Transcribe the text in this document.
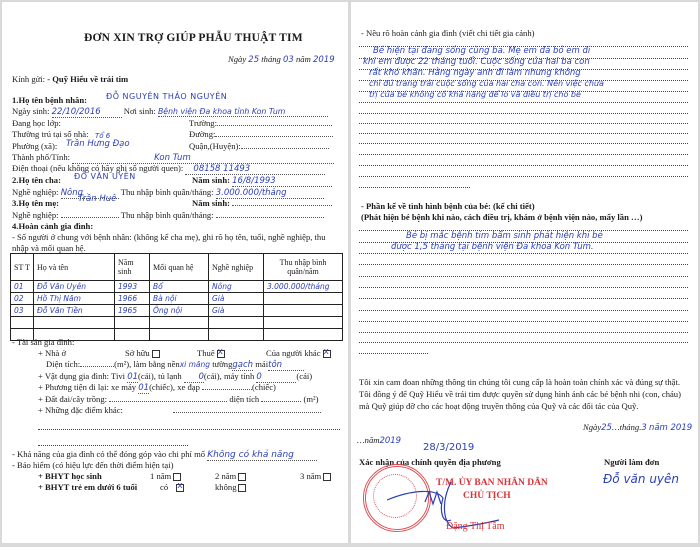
ĐƠN XIN TRỢ GIÚP PHẪU THUẬT TIM
Ngày 25 tháng 03 năm 2019
Kính gửi: - Quỹ Hiểu về trái tim
1.Họ tên bệnh nhân: ĐỖ NGUYÊN THẢO NGUYÊN
Ngày sinh: 22/10/2016	Nơi sinh: Bệnh viện Đa khoa tỉnh Kon Tum
Đang học lớp:	Trường:
Thường trú tại số nhà:	Đường:
Phường (xã): Trần Hưng Đạo
Tổ 6
Quận,(Huyện):
Thành phố/Tỉnh:	Kon Tum
Điện thoại (nếu không có hãy ghi số người quen): 08158 11493
2.Họ tên cha: ĐỖ VĂN UYÊN	Năm sinh: 16/8/1993
Nghề nghiệp: Nông	Thu nhập bình quân/tháng: 3.000.000/tháng
3.Họ tên mẹ: Trần Huê	Năm sinh:
Nghề nghiệp:	Thu nhập bình quân/tháng:
4.Hoàn cảnh gia đình:
- Số người ở chung với bệnh nhân: (không kể cha mẹ), ghi rõ họ tên, tuổi, nghề nghiệp, thu
nhập và mối quan hệ.
ST T	Họ và tên	Năm sinh	Mối quan hệ	Nghề nghiệp	Thu nhập bình quân/năm
01	Đỗ Văn Uyên	1993	Bố	Nông	3.000.000/tháng
02	Hồ Thị Năm	1966	Bà nội	Già	
03	Đỗ Văn Tiền	1965	Ông nội	Già	

- Tài sản gia đình:
+ Nhà ở	Sở hữu	Thuê x	Của người khácx
Diện tích:	(m²), làm bằng nềnxi măng tườnggạch máitôn
+ Vật dụng gia đình: Tivi 01(cái), tủ lạnh 0(cái), máy tính 0	(cái)
+ Phương tiện đi lại: xe máy 01(chiếc), xe đạp	(chiếc)
+ Đất đai/cây trồng:	diện tích	(m²)
+ Những đặc điểm khác:
- Khả năng của gia đình có thể đóng góp vào chi phí mổ Không có khả năng
- Bảo hiểm (có hiệu lực đến thời điểm hiện tại)
+ BHYT học sinh	1 năm	2 năm	3 năm
+ BHYT trẻ em dưới 6 tuổi	có x	không
- Nêu rõ hoàn cảnh gia đình (viết chi tiết gia cảnh)
Bé hiện tại đang sống cùng ba. Mẹ em đã bỏ em đi
khi em được 22 tháng tuổi. Cuộc sống của hai ba con
rất khó khăn. Hằng ngày anh đi làm nhưng không
chỉ đủ trang trải cuộc sống của hai cha con. Nên việc chữa
trị của bé không có khả năng để lo và điều trị cho bé
- Phần kể về tình hình bệnh của bé: (kể chi tiết)
(Phát hiện bé bệnh khi nào, cách điều trị, khám ở bệnh viện nào, mấy lần …)
Bé bị mắc bệnh tim bẩm sinh phát hiện khi bé
được 1,5 tháng tại bệnh viện Đa khoa Kon Tum.
Tôi xin cam đoan những thông tin chúng tôi cung cấp là hoàn toàn chính xác và đúng sự thật.
Tôi đồng ý để Quỹ Hiểu về trái tim được quyền sử dụng hình ảnh các bé bệnh nhi (con, cháu)
mà Quỹ giúp đỡ cho các hoạt động truyền thông của Quỹ và các đối tác của Quỹ.
Ngày25…tháng.3 năm 2019
…năm2019
28/3/2019
Xác nhận của chính quyền địa phương	Người làm đơn
Đỗ văn uyên
T/M. ỦY BAN NHÂN DÂN
CHỦ TỊCH
Đặng Thị Tâm
